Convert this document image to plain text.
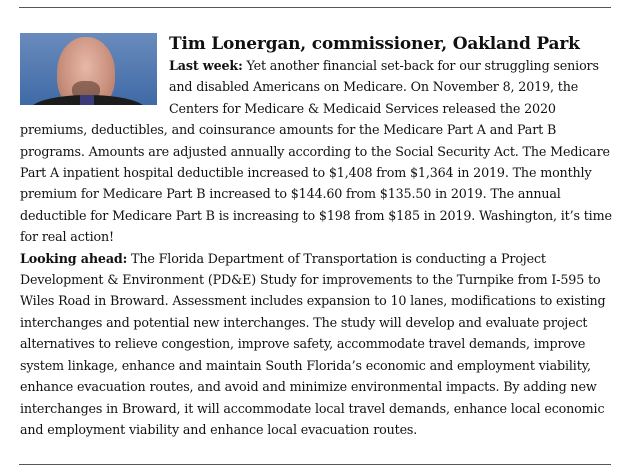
Tim Lonergan, commissioner, Oakland Park

Last week: Yet another financial set-back for our struggling seniors and disabled Americans on Medicare. On November 8, 2019, the Centers for Medicare & Medicaid Services released the 2020 premiums, deductibles, and coinsurance amounts for the Medicare Part A and Part B programs. Amounts are adjusted annually according to the Social Security Act. The Medicare Part A inpatient hospital deductible increased to $1,408 from $1,364 in 2019. The monthly premium for Medicare Part B increased to $144.60 from $135.50 in 2019. The annual deductible for Medicare Part B is increasing to $198 from $185 in 2019. Washington, it’s time for real action!

Looking ahead: The Florida Department of Transportation is conducting a Project Development & Environment (PD&E) Study for improvements to the Turnpike from I-595 to Wiles Road in Broward. Assessment includes expansion to 10 lanes, modifications to existing interchanges and potential new interchanges. The study will develop and evaluate project alternatives to relieve congestion, improve safety, accommodate travel demands, improve system linkage, enhance and maintain South Florida’s economic and employment viability, enhance evacuation routes, and avoid and minimize environmental impacts. By adding new interchanges in Broward, it will accommodate local travel demands, enhance local economic and employment viability and enhance local evacuation routes.
